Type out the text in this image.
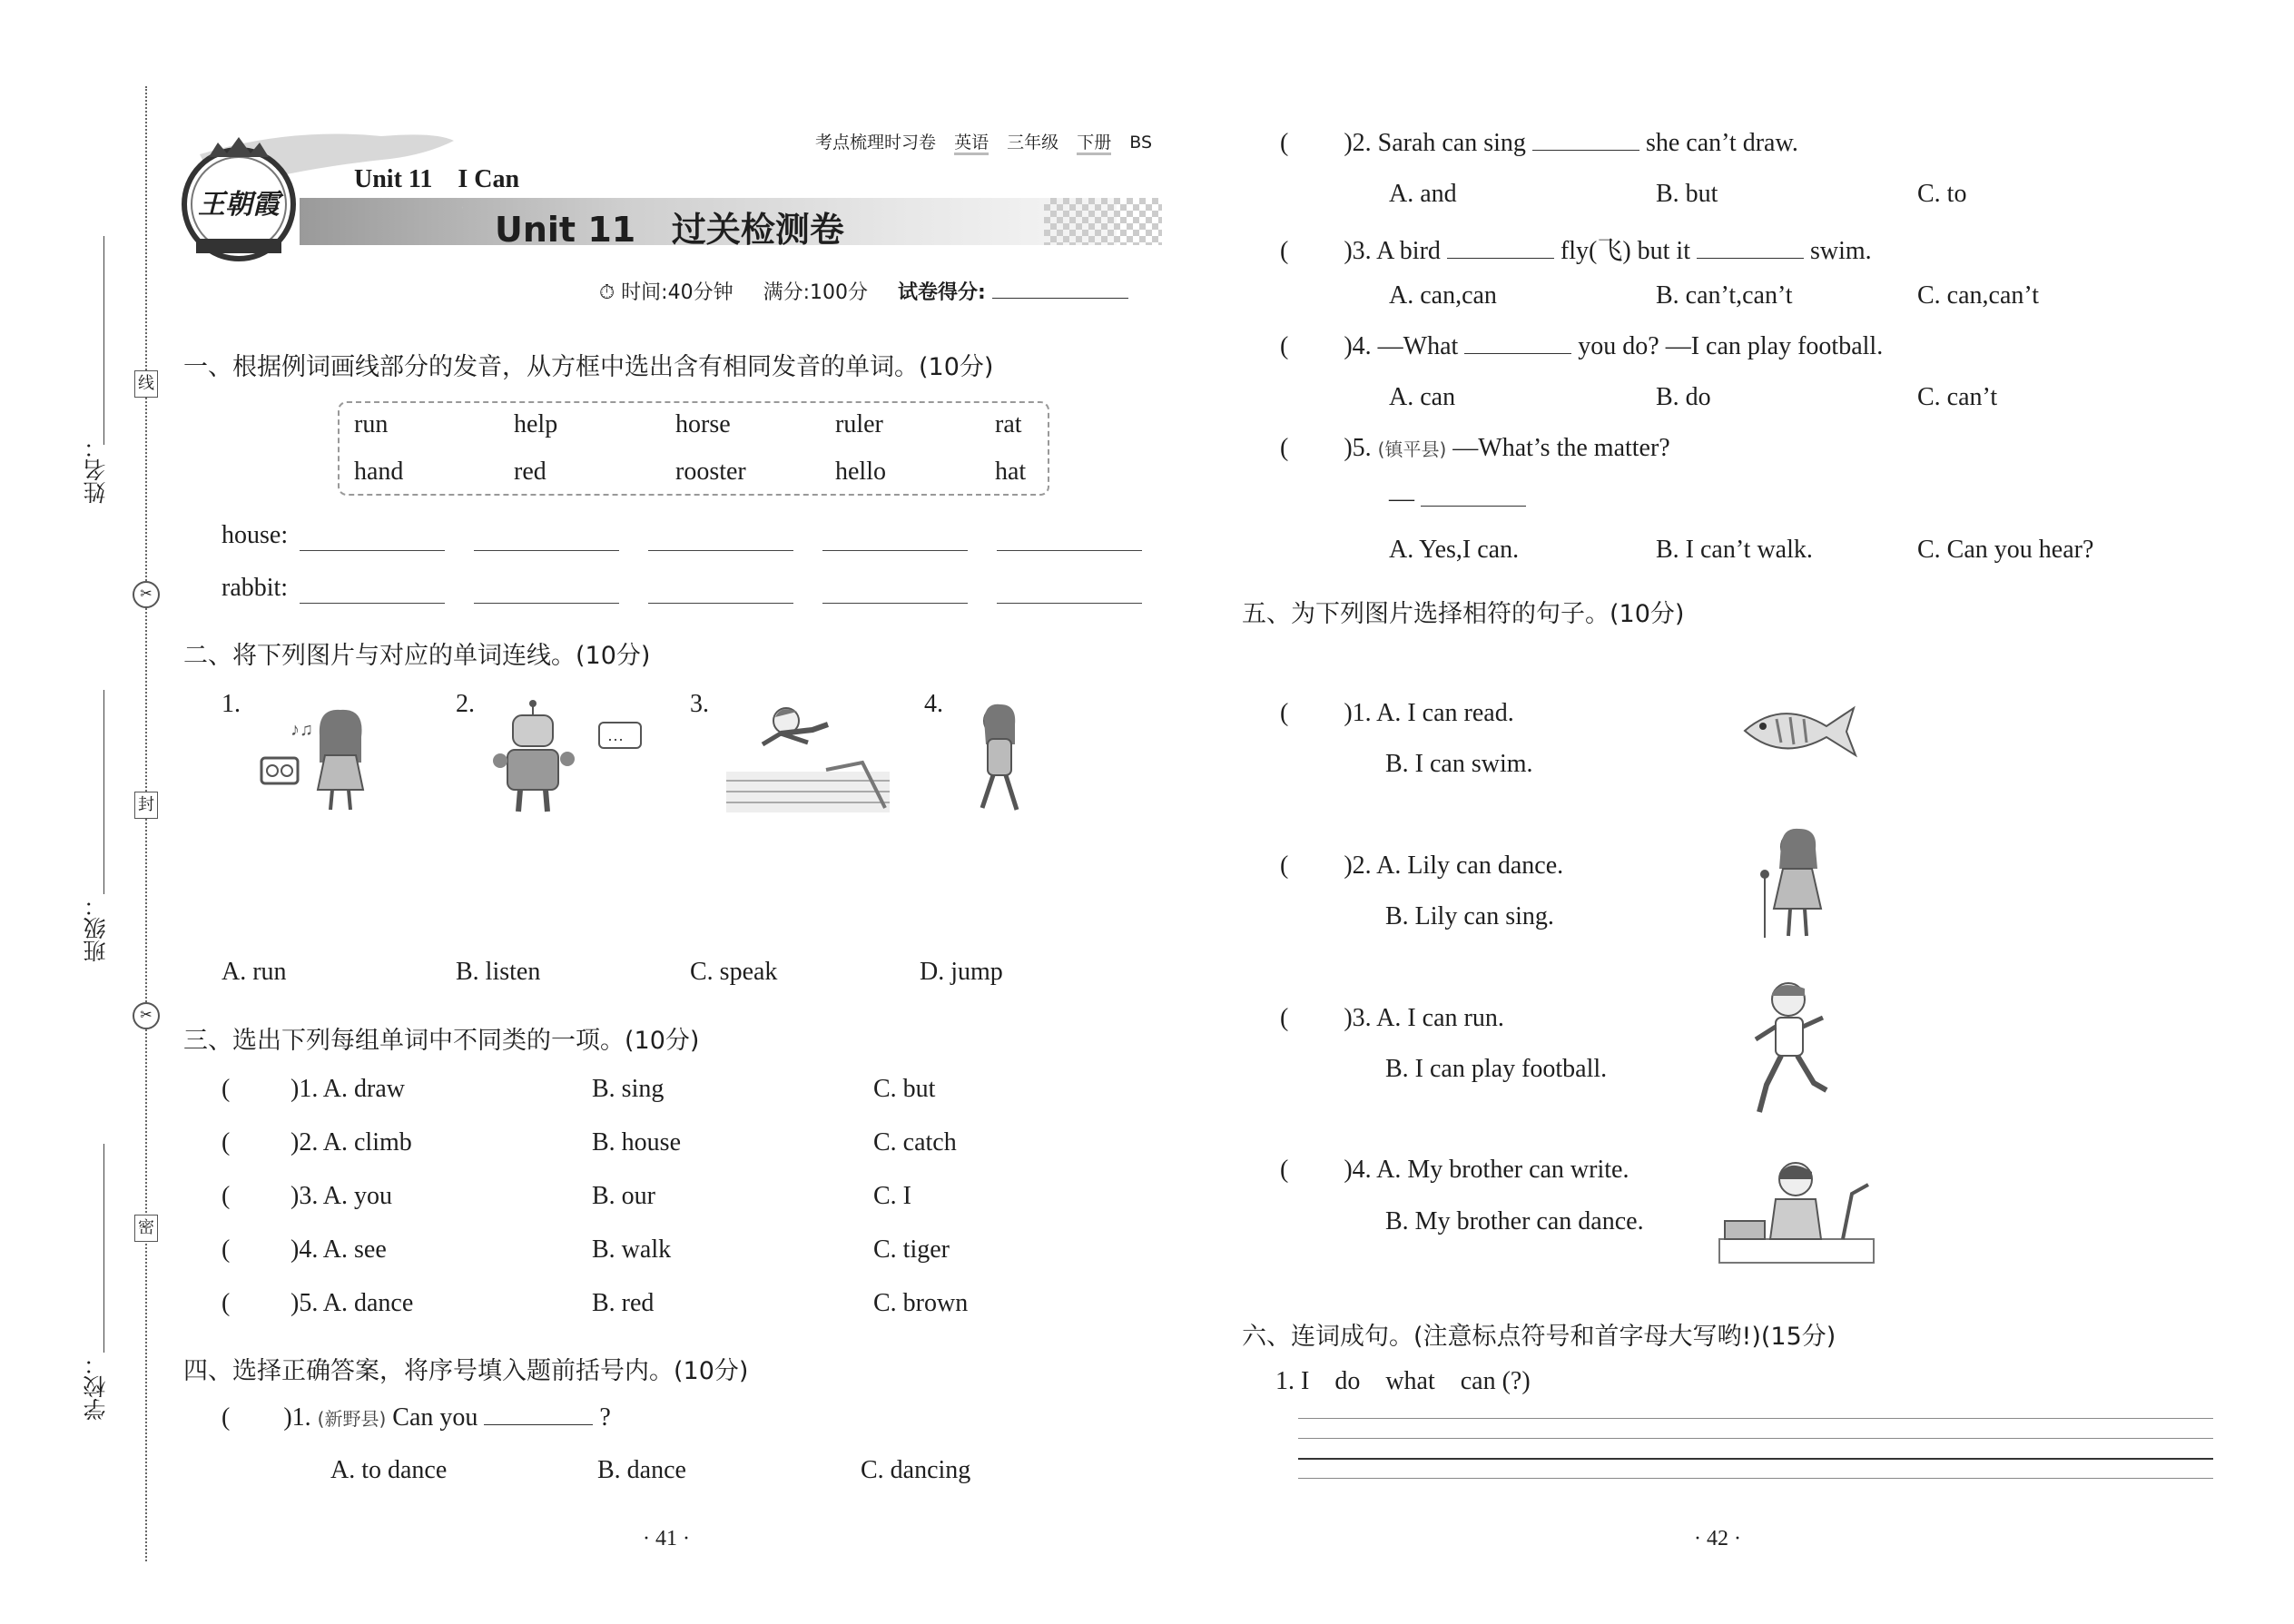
姓名：
班级：
学校：
线
封
密
✂
✂
王朝霞
考点梳理时习卷 英语 三年级 下册 BS
Unit 11    I Can
Unit 11   过关检测卷
⏱ 时间:40分钟 满分:100分 试卷得分:
一、根据例词画线部分的发音，从方框中选出含有相同发音的单词。(10分)
run	help	horse	ruler	rat
hand	red	rooster	hello	hat
house:
rabbit:
二、将下列图片与对应的单词连线。(10分)
1.	2.	3.	4.
♪♫	…
A. run	B. listen	C. speak	D. jump
三、选出下列每组单词中不同类的一项。(10分)
( )1. A. draw	B. sing	C. but
( )2. A. climb	B. house	C. catch
( )3. A. you	B. our	C. I
( )4. A. see	B. walk	C. tiger
( )5. A. dance	B. red	C. brown
四、选择正确答案，将序号填入题前括号内。(10分)
( )1. (新野县) Can you	?
A. to dance	B. dance	C. dancing
· 41 ·
( )2. Sarah can sing	she can’t draw.
A. and	B. but	C. to
( )3. A bird	fly(飞) but it	swim.
A. can,can	B. can’t,can’t	C. can,can’t
( )4. —What	you do? —I can play football.
A. can	B. do	C. can’t
( )5. (镇平县) —What’s the matter?
—
A. Yes,I can.	B. I can’t walk.	C. Can you hear?
五、为下列图片选择相符的句子。(10分)
( )1. A. I can read.
B. I can swim.
( )2. A. Lily can dance.
B. Lily can sing.
( )3. A. I can run.
B. I can play football.
( )4. A. My brother can write.
B. My brother can dance.
六、连词成句。(注意标点符号和首字母大写哟!)(15分)
1. I    do    what    can (?)
· 42 ·
